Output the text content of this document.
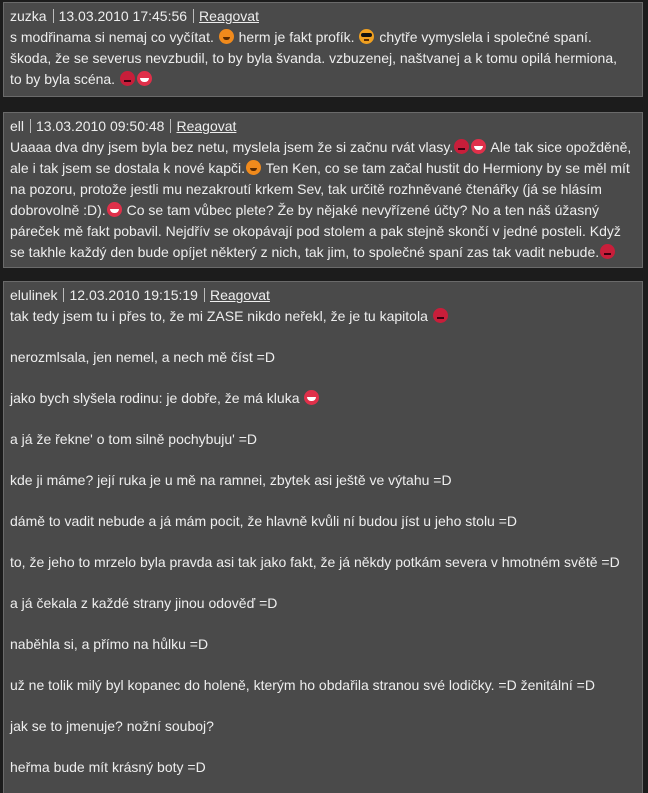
zuzka 13.03.2010 17:45:56 Reagovat
s modřinama si nemaj co vyčítat. herm je fakt profík. chytře vymyslela i společné spaní.
škoda, že se severus nevzbudil, to by byla švanda. vzbuzenej, naštvanej a k tomu opilá hermiona,
to by byla scéna.
ell 13.03.2010 09:50:48 Reagovat
Uaaaa dva dny jsem byla bez netu, myslela jsem že si začnu rvát vlasy. Ale tak sice opožděně, ale i tak jsem se dostala k nové kapči. Ten Ken, co se tam začal hustit do Hermiony by se měl mít na pozoru, protože jestli mu nezakroutí krkem Sev, tak určitě rozhněvané čtenářky (já se hlásím dobrovolně :D). Co se tam vůbec plete? Že by nějaké nevyřízené účty? No a ten náš úžasný páreček mě fakt pobavil. Nejdřív se okopávají pod stolem a pak stejně skončí v jedné posteli. Když se takhle každý den bude opíjet některý z nich, tak jim, to společné spaní zas tak vadit nebude.
elulinek 12.03.2010 19:15:19 Reagovat
tak tedy jsem tu i přes to, že mi ZASE nikdo neřekl, že je tu kapitola
nerozmlsala, jen nemel, a nech mě číst =D
jako bych slyšela rodinu: je dobře, že má kluka
a já že řekne' o tom silně pochybuju' =D
kde ji máme? její ruka je u mě na ramnei, zbytek asi ještě ve výtahu =D
dámě to vadit nebude a já mám pocit, že hlavně kvůli ní budou jíst u jeho stolu =D
to, že jeho to mrzelo byla pravda asi tak jako fakt, že já někdy potkám severa v hmotném světě =D
a já čekala z každé strany jinou odověď =D
naběhla si, a přímo na hůlku =D
už ne tolik milý byl kopanec do holeně, kterým ho obdařila stranou své lodičky. =D ženitální =D
jak se to jmenuje? nožní souboj?
heřma bude mít krásný boty =D
